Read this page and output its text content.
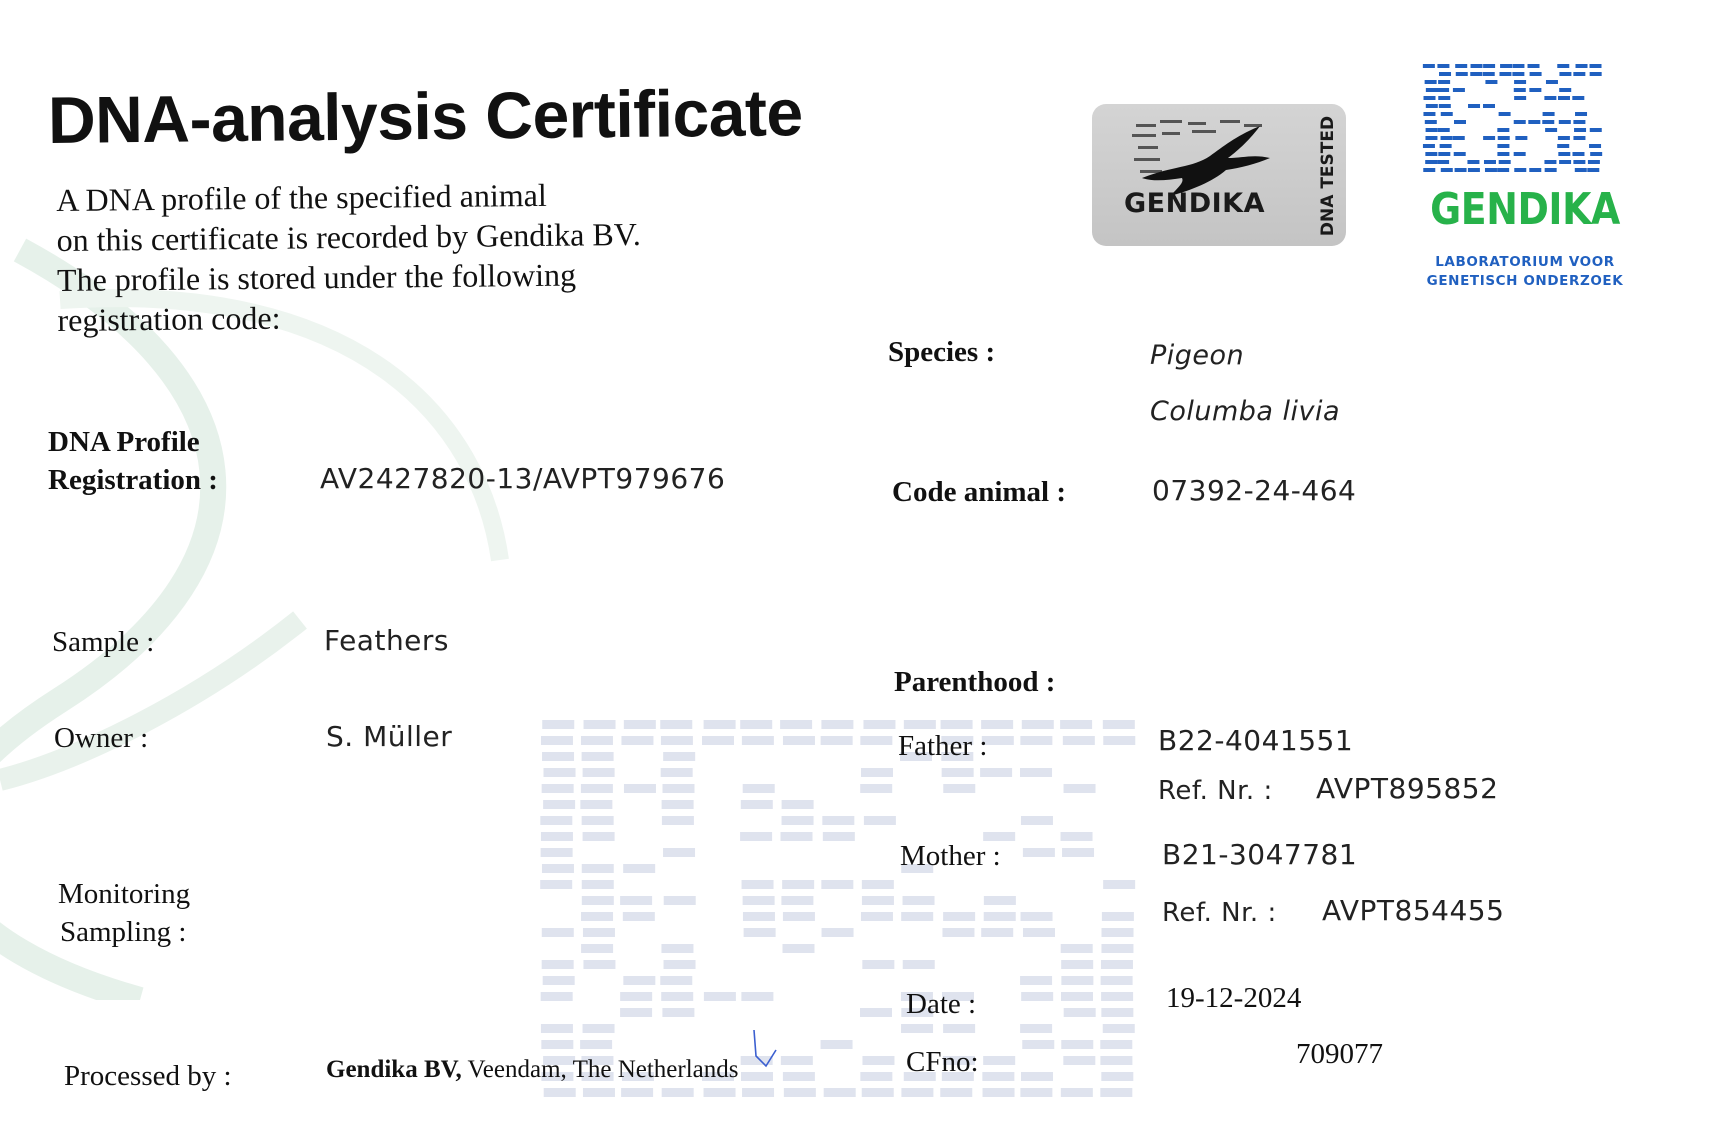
DNA-analysis Certificate
A DNA profile of the specified animal
on this certificate is recorded by Gendika BV.
The profile is stored under the following
registration code:
GENDIKA	DNA TESTED GENDIKA
LABORATORIUM VOOR
GENETISCH ONDERZOEK
DNA Profile
Registration :	AV2427820-13/AVPT979676
Sample :	Feathers
Owner :	S. Müller
Monitoring
Sampling :
Processed by :	Gendika BV, Veendam, The Netherlands
Species :	Pigeon
Columba livia
Code animal :	07392-24-464
Parenthood :
Father :	B22-4041551
Ref. Nr. : AVPT895852
Mother :	B21-3047781
Ref. Nr. : AVPT854455
Date :	19-12-2024
CFno:	709077
